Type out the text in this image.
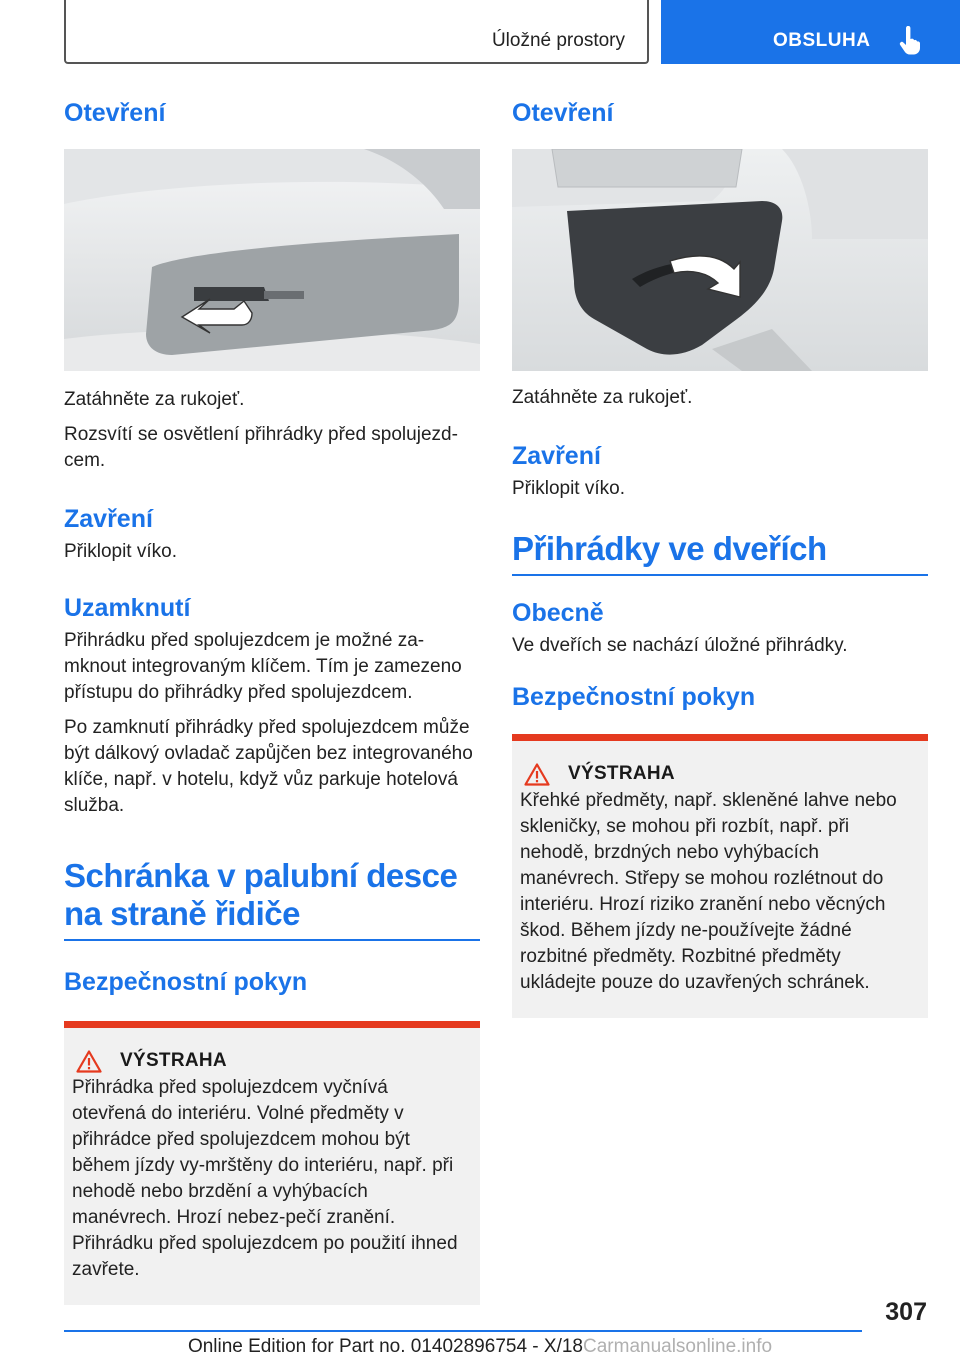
Úložné prostory	OBSLUHA
Otevření

Zatáhněte za rukojeť.

Rozsvítí se osvětlení přihrádky před spolujezd-cem.

Zavření

Přiklopit víko.

Uzamknutí

Přihrádku před spolujezdcem je možné za-mknout integrovaným klíčem. Tím je zamezeno přístupu do přihrádky před spolujezdcem.

Po zamknutí přihrádky před spolujezdcem může být dálkový ovladač zapůjčen bez integrovaného klíče, např. v hotelu, když vůz parkuje hotelová služba.

Schránka v palubní desce na straně řidiče
Bezpečnostní pokyn
VÝSTRAHA

Přihrádka před spolujezdcem vyčnívá otevřená do interiéru. Volné předměty v přihrádce před spolujezdcem mohou být během jízdy vy-mrštěny do interiéru, např. při nehodě nebo brzdění a vyhýbacích manévrech. Hrozí nebez-pečí zranění. Přihrádku před spolujezdcem po použití ihned zavřete.

Otevření

Zatáhněte za rukojeť.

Zavření

Přiklopit víko.

Přihrádky ve dveřích
Obecně

Ve dveřích se nachází úložné přihrádky.

Bezpečnostní pokyn
VÝSTRAHA

Křehké předměty, např. skleněné lahve nebo skleničky, se mohou při rozbít, např. při nehodě, brzdných nebo vyhýbacích manévrech. Střepy se mohou rozlétnout do interiéru. Hrozí riziko zranění nebo věcných škod. Během jízdy ne-používejte žádné rozbitné předměty. Rozbitné předměty ukládejte pouze do uzavřených schránek.

307
Online Edition for Part no. 01402896754 - X/18Carmanualsonline.info
